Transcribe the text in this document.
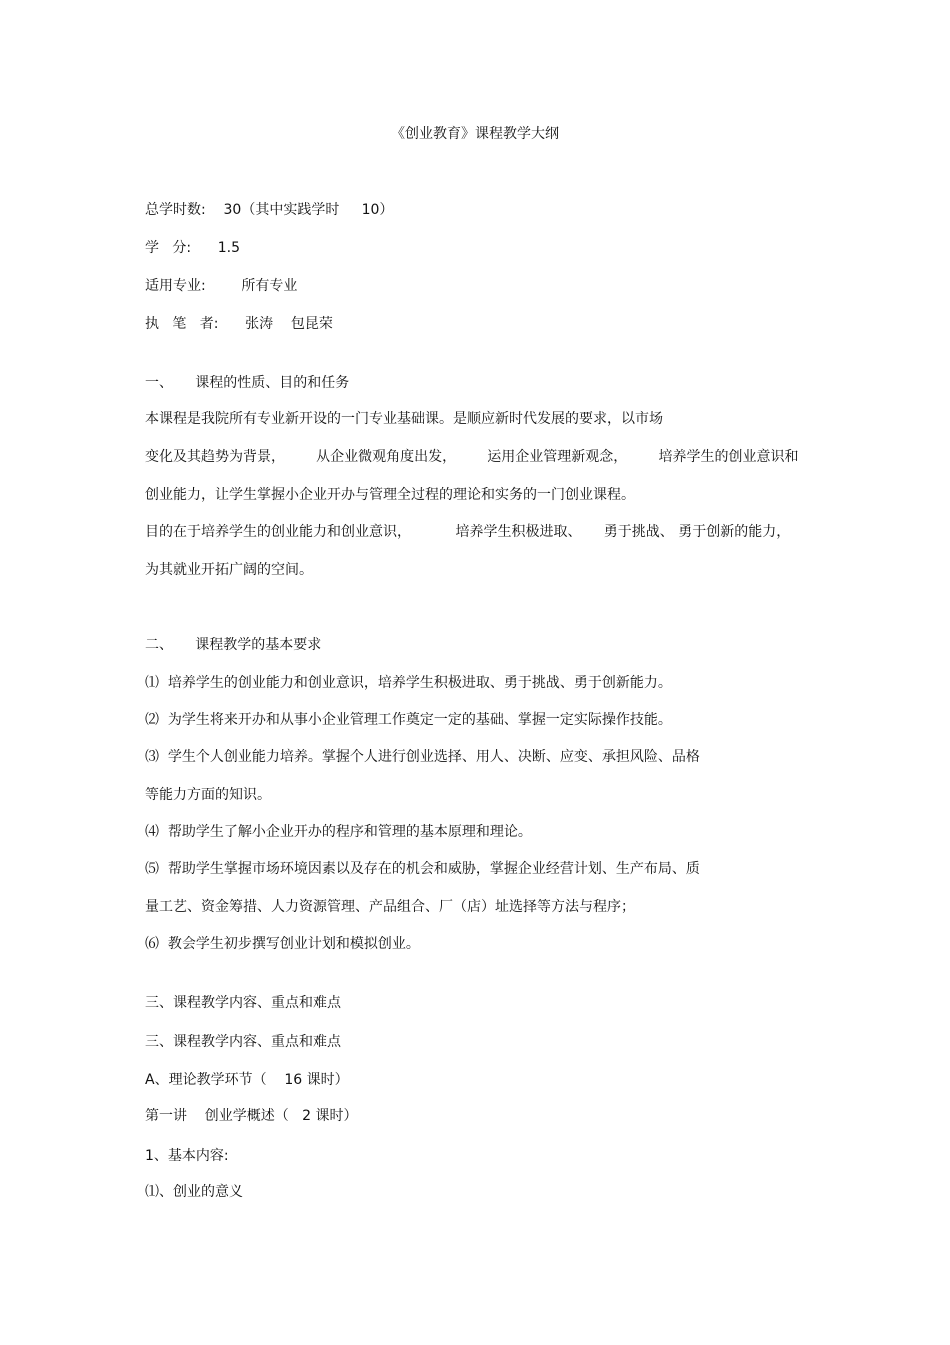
《创业教育》课程教学大纲

总学时数:    30（其中实践学时     10）

学   分:      1.5

适用专业:        所有专业

执   笔   者:      张涛    包昆荣

一、     课程的性质、目的和任务

本课程是我院所有专业新开设的一门专业基础课。是顺应新时代发展的要求，以市场

变化及其趋势为背景，       从企业微观角度出发，       运用企业管理新观念，       培养学生的创业意识和

创业能力，让学生掌握小企业开办与管理全过程的理论和实务的一门创业课程。

目的在于培养学生的创业能力和创业意识，          培养学生积极进取、     勇于挑战、 勇于创新的能力，

为其就业开拓广阔的空间。

二、     课程教学的基本要求

⑴  培养学生的创业能力和创业意识，培养学生积极进取、勇于挑战、勇于创新能力。

⑵  为学生将来开办和从事小企业管理工作奠定一定的基础、掌握一定实际操作技能。

⑶  学生个人创业能力培养。掌握个人进行创业选择、用人、决断、应变、承担风险、品格

等能力方面的知识。

⑷  帮助学生了解小企业开办的程序和管理的基本原理和理论。

⑸  帮助学生掌握市场环境因素以及存在的机会和威胁，掌握企业经营计划、生产布局、质

量工艺、资金筹措、人力资源管理、产品组合、厂（店）址选择等方法与程序；

⑹  教会学生初步撰写创业计划和模拟创业。

三、课程教学内容、重点和难点

三、课程教学内容、重点和难点

A、理论教学环节（    16 课时）

第一讲    创业学概述（   2 课时）

1、基本内容:

⑴、创业的意义
